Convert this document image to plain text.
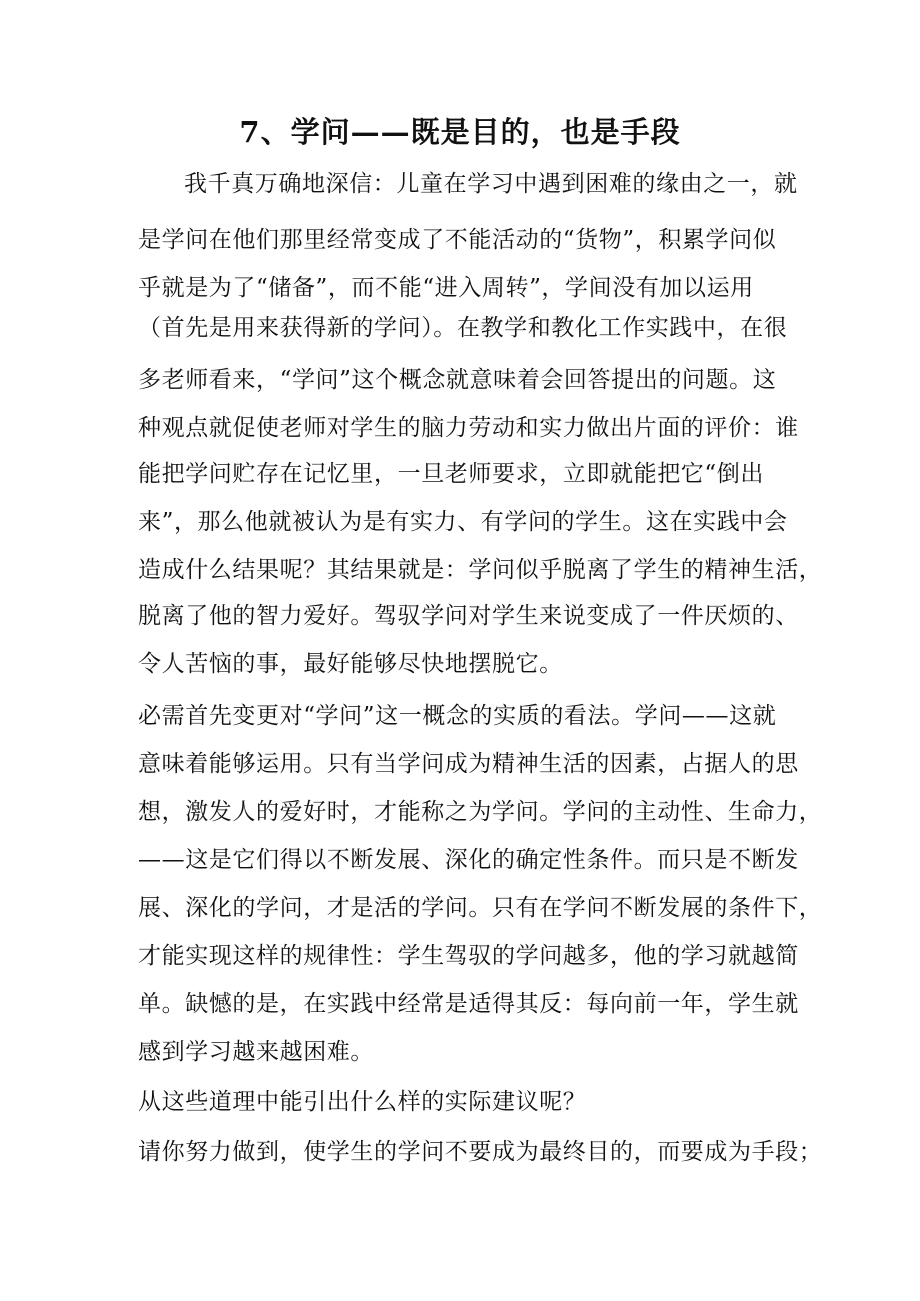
7、学问——既是目的，也是手段
我千真万确地深信：儿童在学习中遇到困难的缘由之一，就
是学问在他们那里经常变成了不能活动的“货物”，积累学问似
乎就是为了“储备”，而不能“进入周转”，学间没有加以运用
（首先是用来获得新的学问）。在教学和教化工作实践中，在很
多老师看来，“学问”这个概念就意味着会回答提出的问题。这
种观点就促使老师对学生的脑力劳动和实力做出片面的评价：谁
能把学问贮存在记忆里，一旦老师要求，立即就能把它“倒出
来”，那么他就被认为是有实力、有学问的学生。这在实践中会
造成什么结果呢？其结果就是：学问似乎脱离了学生的精神生活，
脱离了他的智力爱好。驾驭学问对学生来说变成了一件厌烦的、
令人苦恼的事，最好能够尽快地摆脱它。
必需首先变更对“学问”这一概念的实质的看法。学问——这就
意味着能够运用。只有当学问成为精神生活的因素，占据人的思
想，激发人的爱好时，才能称之为学问。学问的主动性、生命力，
——这是它们得以不断发展、深化的确定性条件。而只是不断发
展、深化的学问，才是活的学问。只有在学问不断发展的条件下，
才能实现这样的规律性：学生驾驭的学问越多，他的学习就越简
单。缺憾的是，在实践中经常是适得其反：每向前一年，学生就
感到学习越来越困难。
从这些道理中能引出什么样的实际建议呢？
请你努力做到，使学生的学问不要成为最终目的，而要成为手段；
